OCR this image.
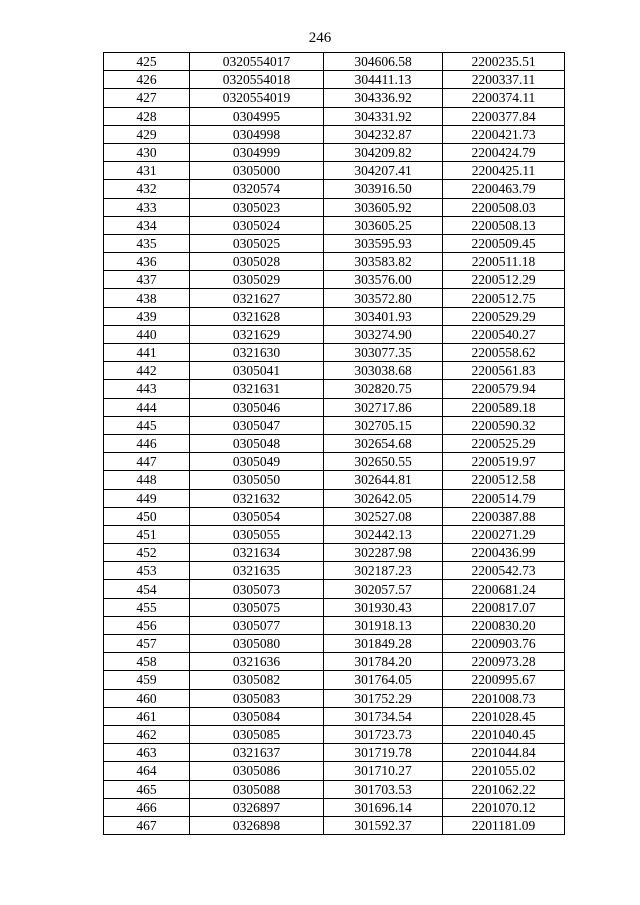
246
425	0320554017	304606.58	2200235.51
426	0320554018	304411.13	2200337.11
427	0320554019	304336.92	2200374.11
428	0304995	304331.92	2200377.84
429	0304998	304232.87	2200421.73
430	0304999	304209.82	2200424.79
431	0305000	304207.41	2200425.11
432	0320574	303916.50	2200463.79
433	0305023	303605.92	2200508.03
434	0305024	303605.25	2200508.13
435	0305025	303595.93	2200509.45
436	0305028	303583.82	2200511.18
437	0305029	303576.00	2200512.29
438	0321627	303572.80	2200512.75
439	0321628	303401.93	2200529.29
440	0321629	303274.90	2200540.27
441	0321630	303077.35	2200558.62
442	0305041	303038.68	2200561.83
443	0321631	302820.75	2200579.94
444	0305046	302717.86	2200589.18
445	0305047	302705.15	2200590.32
446	0305048	302654.68	2200525.29
447	0305049	302650.55	2200519.97
448	0305050	302644.81	2200512.58
449	0321632	302642.05	2200514.79
450	0305054	302527.08	2200387.88
451	0305055	302442.13	2200271.29
452	0321634	302287.98	2200436.99
453	0321635	302187.23	2200542.73
454	0305073	302057.57	2200681.24
455	0305075	301930.43	2200817.07
456	0305077	301918.13	2200830.20
457	0305080	301849.28	2200903.76
458	0321636	301784.20	2200973.28
459	0305082	301764.05	2200995.67
460	0305083	301752.29	2201008.73
461	0305084	301734.54	2201028.45
462	0305085	301723.73	2201040.45
463	0321637	301719.78	2201044.84
464	0305086	301710.27	2201055.02
465	0305088	301703.53	2201062.22
466	0326897	301696.14	2201070.12
467	0326898	301592.37	2201181.09
